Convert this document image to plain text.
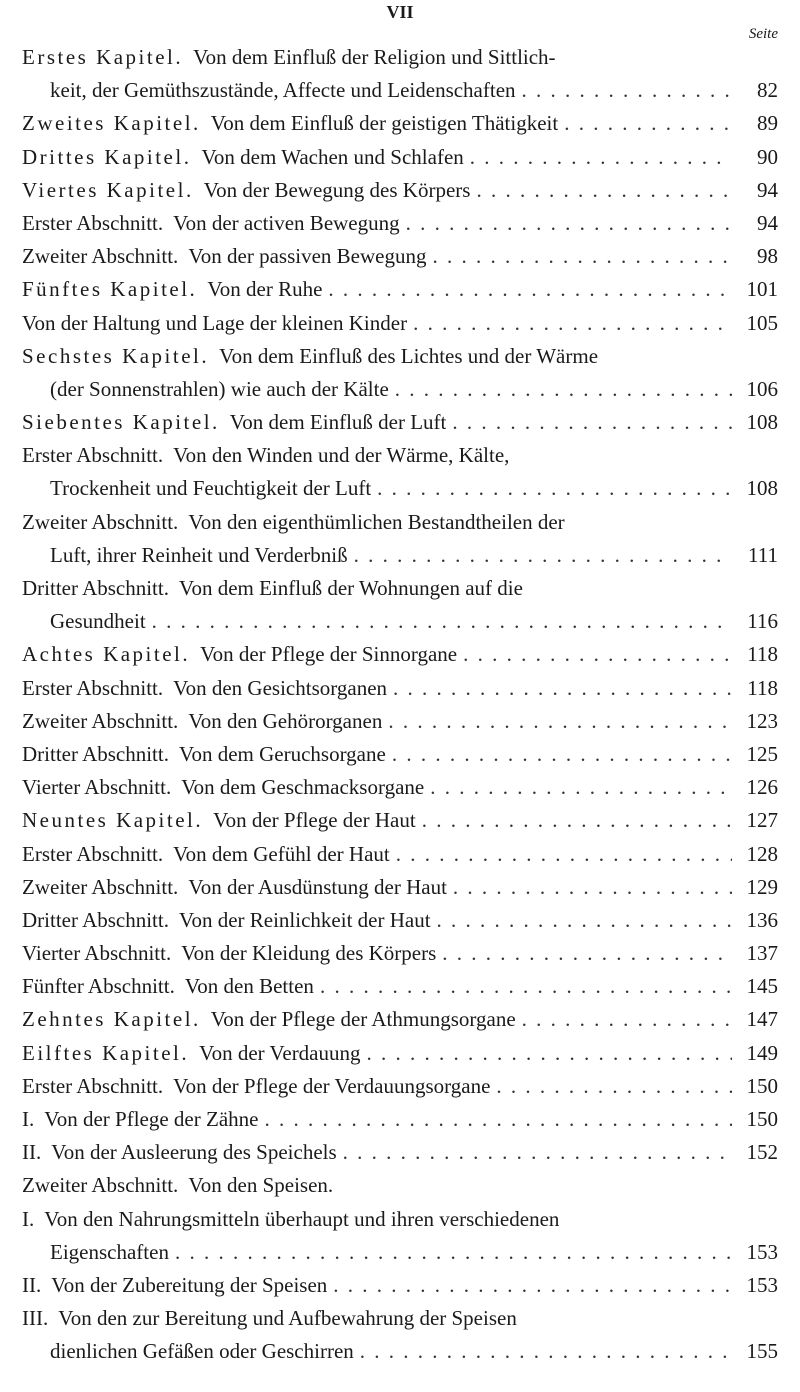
VII
Seite
Erstes Kapitel. Von dem Einfluß der Religion und Sittlich-
keit, der Gemüthszustände, Affecte und Leidenschaften . . .	82
Zweites Kapitel. Von dem Einfluß der geistigen Thätigkeit . . .	89
Drittes Kapitel. Von dem Wachen und Schlafen . . .	90
Viertes Kapitel. Von der Bewegung des Körpers . . .	94
Erster Abschnitt. Von der activen Bewegung . . .	94
Zweiter Abschnitt. Von der passiven Bewegung . . .	98
Fünftes Kapitel. Von der Ruhe . . .	101
Von der Haltung und Lage der kleinen Kinder . . .	105
Sechstes Kapitel. Von dem Einfluß des Lichtes und der Wärme
(der Sonnenstrahlen) wie auch der Kälte . . .	106
Siebentes Kapitel. Von dem Einfluß der Luft . . .	108
Erster Abschnitt. Von den Winden und der Wärme, Kälte,
Trockenheit und Feuchtigkeit der Luft . . .	108
Zweiter Abschnitt. Von den eigenthümlichen Bestandtheilen der
Luft, ihrer Reinheit und Verderbniß . . .	111
Dritter Abschnitt. Von dem Einfluß der Wohnungen auf die
Gesundheit . . .	116
Achtes Kapitel. Von der Pflege der Sinnorgane . . .	118
Erster Abschnitt. Von den Gesichtsorganen . . .	118
Zweiter Abschnitt. Von den Gehörorganen . . .	123
Dritter Abschnitt. Von dem Geruchsorgane . . .	125
Vierter Abschnitt. Von dem Geschmacksorgane . . .	126
Neuntes Kapitel. Von der Pflege der Haut . . .	127
Erster Abschnitt. Von dem Gefühl der Haut . . .	128
Zweiter Abschnitt. Von der Ausdünstung der Haut . . .	129
Dritter Abschnitt. Von der Reinlichkeit der Haut . . .	136
Vierter Abschnitt. Von der Kleidung des Körpers . . .	137
Fünfter Abschnitt. Von den Betten . . .	145
Zehntes Kapitel. Von der Pflege der Athmungsorgane . . .	147
Eilftes Kapitel. Von der Verdauung . . .	149
Erster Abschnitt. Von der Pflege der Verdauungsorgane . . .	150
I. Von der Pflege der Zähne . . .	150
II. Von der Ausleerung des Speichels . . .	152
Zweiter Abschnitt. Von den Speisen.
I. Von den Nahrungsmitteln überhaupt und ihren verschiedenen
Eigenschaften . . .	153
II. Von der Zubereitung der Speisen . . .	153
III. Von den zur Bereitung und Aufbewahrung der Speisen
dienlichen Gefäßen oder Geschirren . . .	155
